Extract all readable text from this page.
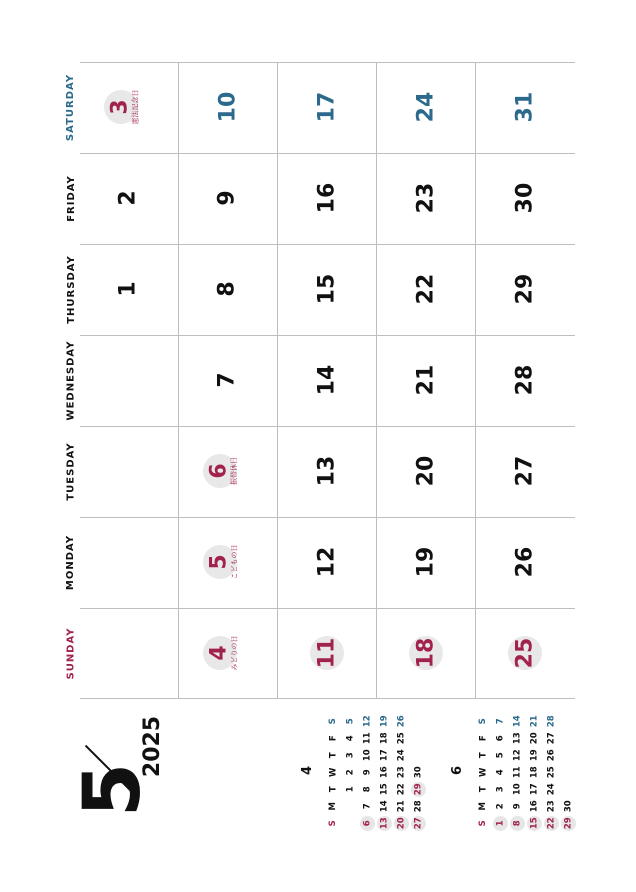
SUNDAY
MONDAY
TUESDAY
WEDNESDAY
THURSDAY
FRIDAY
SATURDAY
1
2
3
憲法記念日
4
みどりの日
5
こどもの日
6
振替休日
7
8
9
10
11
12
13
14
15
16
17
18
19
20
21
22
23
24
25
26
27
28
29
30
31
5
2025	4
S
M
T
W
T
F
S
1
2
3
4
5
6
7
8
9
10
11
12
13
14
15
16
17
18
19
20
21
22
23
24
25
26
27
28
29
30 6
S
M
T
W
T
F
S
1
2
3
4
5
6
7
8
9
10
11
12
13
14
15
16
17
18
19
20
21
22
23
24
25
26
27
28
29
30
